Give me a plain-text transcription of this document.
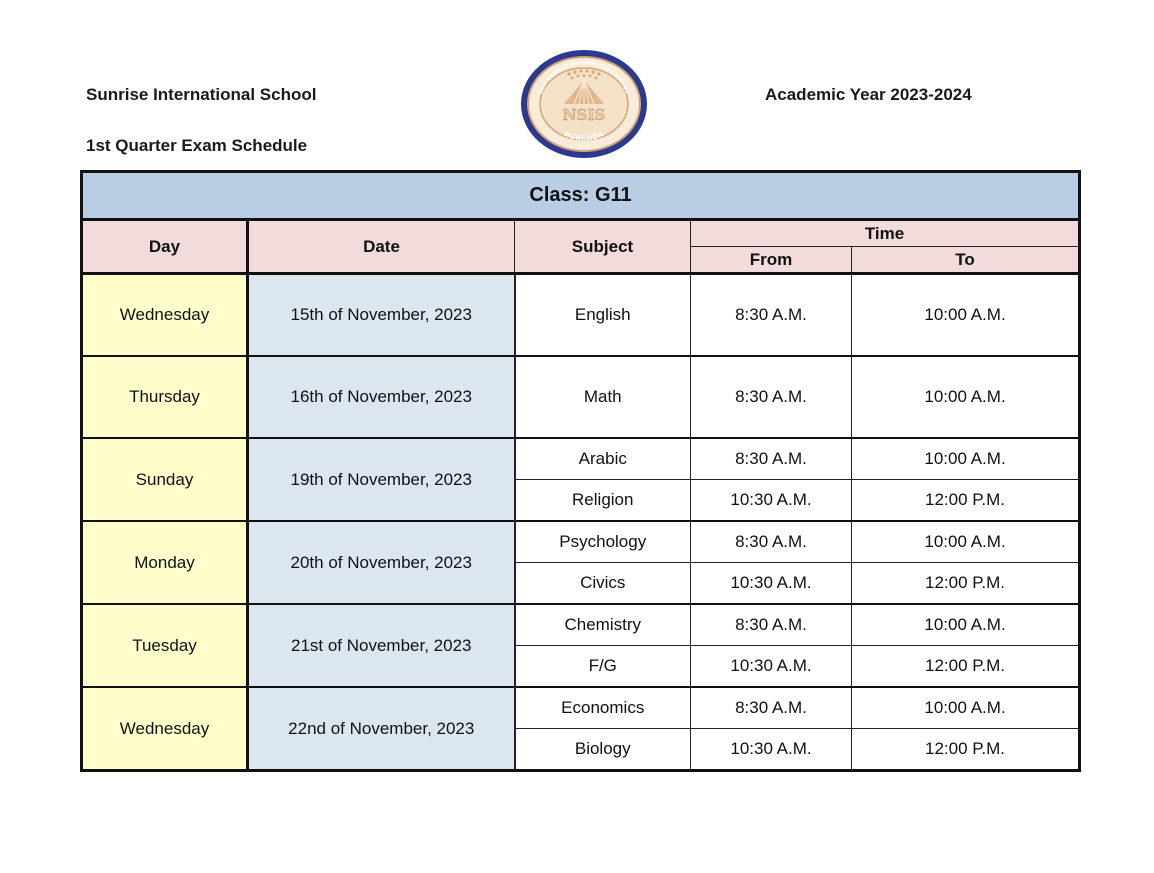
Sunrise International School
1st Quarter Exam Schedule
Academic Year 2023-2024
NEW SUNRISE INTERNATIONAL SCHOOL
NSIS
HURGADA
Class: G11				
Day	Date	Subject	Time	
			From	To
Wednesday	15th of November, 2023	English	8:30 A.M.	10:00 A.M.
Thursday	16th of November, 2023	Math	8:30 A.M.	10:00 A.M.
Sunday	19th of November, 2023	Arabic	8:30 A.M.	10:00 A.M.
		Religion	10:30 A.M.	12:00 P.M.
Monday	20th of November, 2023	Psychology	8:30 A.M.	10:00 A.M.
		Civics	10:30 A.M.	12:00 P.M.
Tuesday	21st of November, 2023	Chemistry	8:30 A.M.	10:00 A.M.
		F/G	10:30 A.M.	12:00 P.M.
Wednesday	22nd of November, 2023	Economics	8:30 A.M.	10:00 A.M.
		Biology	10:30 A.M.	12:00 P.M.
